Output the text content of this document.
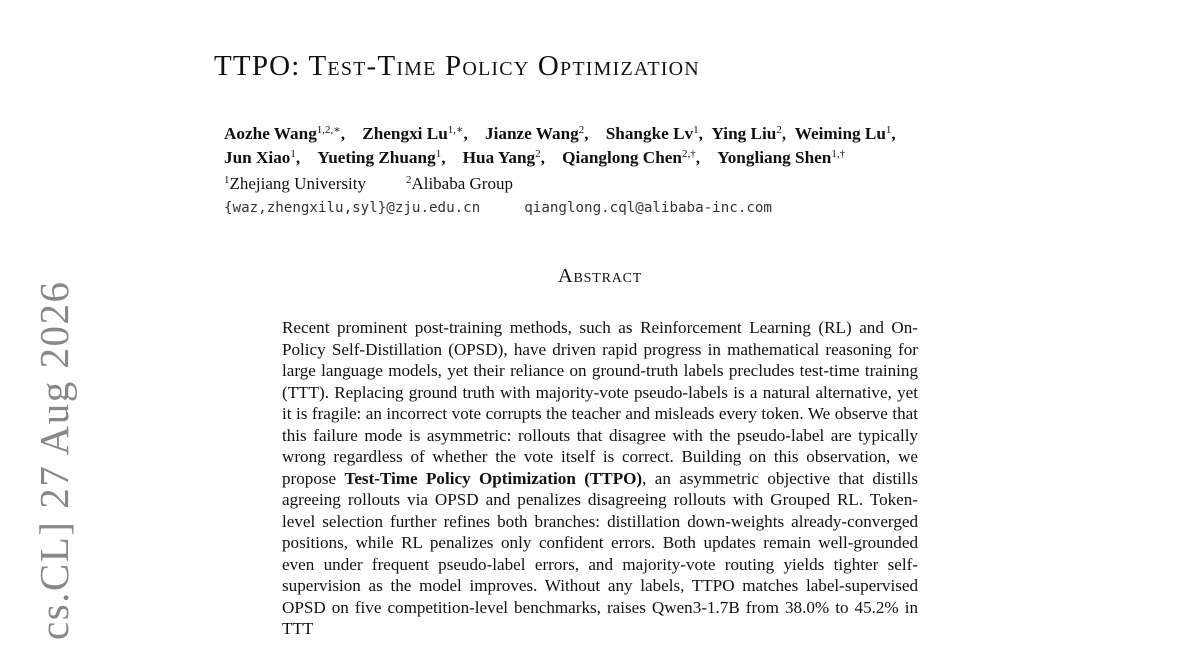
TTPO: Test-Time Policy Optimization
Aozhe Wang$^{1,2,∗}$, Zhengxi $Lu^{1,∗}$, Jianze Wang$^2$, Shangke Lv$^1$, Ying Liu$^2$, Weiming Lu$^1$,
Jun Xiao$^1$, Yueting Zhuang$^1$, Hua Yang$^2$, Qianglong Chen$^{2,\dagger}$, Yongliang Shen$^{1,\dagger}$
$^1$Zhejiang University	$^2$Alibaba Group
{waz,zhengxilu,syl}@zju.edu.cn	qianglong.cql@alibaba-inc.com
Abstract

Recent prominent post-training methods, such as Reinforcement Learning (RL) and On-Policy Self-Distillation (OPSD), have driven rapid progress in mathematical reasoning for large language models, yet their reliance on ground-truth labels precludes test-time training (TTT). Replacing ground truth with majority-vote pseudo-labels is a natural alternative, yet it is fragile: an incorrect vote corrupts the teacher and misleads every token. We observe that this failure mode is asymmetric: rollouts that disagree with the pseudo-label are typically wrong regardless of whether the vote itself is correct. Building on this observation, we propose Test-Time Policy Optimization (TTPO), an asymmetric objective that distills agreeing rollouts via OPSD and penalizes disagreeing rollouts with Grouped RL. Token-level selection further refines both branches: distillation down-weights already-converged positions, while RL penalizes only confident errors. Both updates remain well-grounded even under frequent pseudo-label errors, and majority-vote routing yields tighter self-supervision as the model improves. Without any labels, TTPO matches label-supervised OPSD on five competition-level benchmarks, raises Qwen3-1.7B from 38.0% to 45.2% in TTT

cs.CL] 27 Aug 2026
